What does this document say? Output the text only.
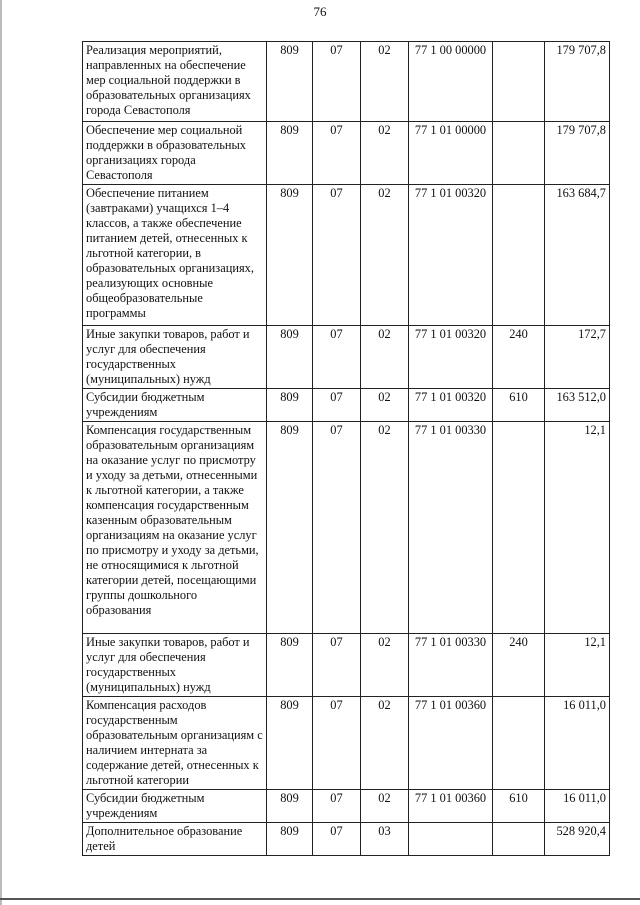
76
Реализация мероприятий, направленных на обеспечение мер социальной поддержки в образовательных организациях города Севастополя	809	07	02	77 1 00 00000		179 707,8
Обеспечение мер социальной поддержки в образовательных организациях города Севастополя	809	07	02	77 1 01 00000		179 707,8
Обеспечение питанием (завтраками) учащихся 1–4 классов, а также обеспечение питанием детей, отнесенных к льготной категории, в образовательных организациях, реализующих основные общеобразовательные программы	809	07	02	77 1 01 00320		163 684,7
Иные закупки товаров, работ и услуг для обеспечения государственных (муниципальных) нужд	809	07	02	77 1 01 00320	240	172,7
Субсидии бюджетным учреждениям	809	07	02	77 1 01 00320	610	163 512,0
Компенсация государственным образовательным организациям на оказание услуг по присмотру и уходу за детьми, отнесенными к льготной категории, а также компенсация государственным казенным образовательным организациям на оказание услуг по присмотру и уходу за детьми, не относящимися к льготной категории детей, посещающими группы дошкольного образования	809	07	02	77 1 01 00330		12,1
Иные закупки товаров, работ и услуг для обеспечения государственных (муниципальных) нужд	809	07	02	77 1 01 00330	240	12,1
Компенсация расходов государственным образовательным организациям с наличием интерната за содержание детей, отнесенных к льготной категории	809	07	02	77 1 01 00360		16 011,0
Субсидии бюджетным учреждениям	809	07	02	77 1 01 00360	610	16 011,0
Дополнительное образование детей	809	07	03			528 920,4
